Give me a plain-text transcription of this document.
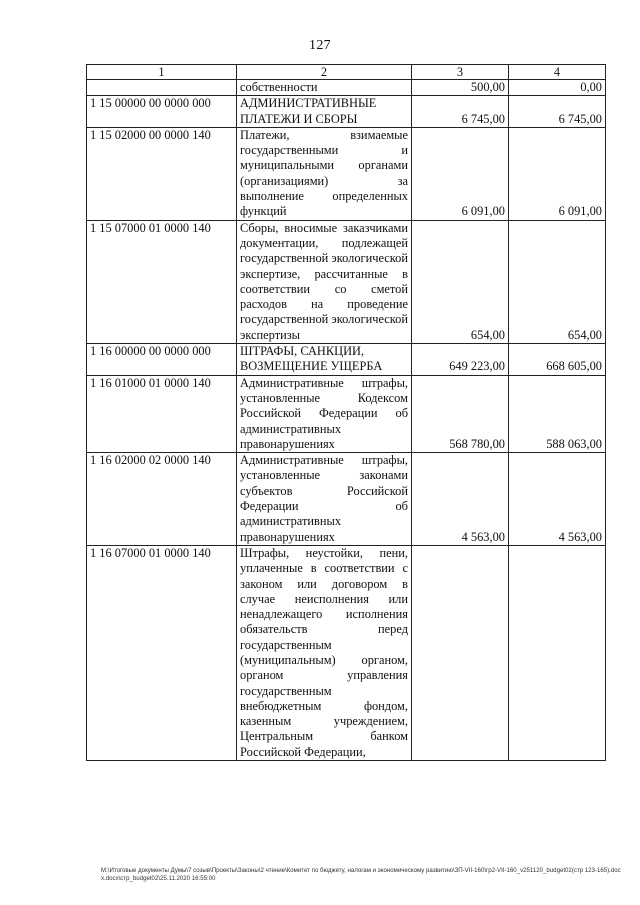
127
1	2	3	4
	собственности	500,00	0,00
1 15 00000 00 0000 000	АДМИНИСТРАТИВНЫЕ ПЛАТЕЖИ И СБОРЫ	6 745,00	6 745,00
1 15 02000 00 0000 140	Платежи, взимаемые государственными и муниципальными органами (организациями) за выполнение определенных функций	6 091,00	6 091,00
1 15 07000 01 0000 140	Сборы, вносимые заказчиками документации, подлежащей государственной экологической экспертизе, рассчитанные в соответствии со сметой расходов на проведение государственной экологической экспертизы	654,00	654,00
1 16 00000 00 0000 000	ШТРАФЫ, САНКЦИИ, ВОЗМЕЩЕНИЕ УЩЕРБА	649 223,00	668 605,00
1 16 01000 01 0000 140	Административные штрафы, установленные Кодексом Российской Федерации об административных правонарушениях	568 780,00	588 063,00
1 16 02000 02 0000 140	Административные штрафы, установленные законами субъектов Российской Федерации об административных правонарушениях	4 563,00	4 563,00
1 16 07000 01 0000 140	Штрафы, неустойки, пени, уплаченные в соответствии с законом или договором в случае неисполнения или ненадлежащего исполнения обязательств перед государственным (муниципальным) органом, органом управления государственным внебюджетным фондом, казенным учреждением, Центральным банком Российской Федерации,		
M:\Итоговые документы Думы\7 созыв\Проекты\Законы\2 чтение\Комитет по бюджету, налогам и экономическому развитию\ЗП-VII-160\гр2-VII-160_v251120_budget02(стр 123-165).docx.docx\стр_budget02\25.11.2020 16:55:00
